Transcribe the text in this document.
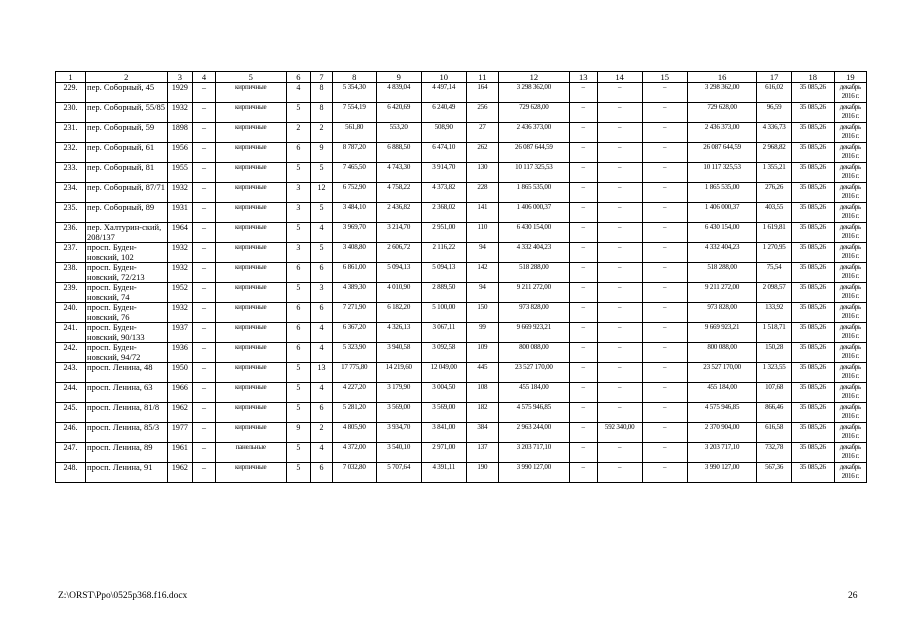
1	2	3	4	5	6	7	8	9	10	11	12	13	14	15	16	17	18	19
229.	пер. Соборный, 45	1929	–	кирпичные	4	8	5 354,30	4 839,04	4 497,14	164	3 298 362,00	–	–	–	3 298 362,00	616,02	35 085,26	декабрь 2016 г.
230.	пер. Соборный, 55/85	1932	–	кирпичные	5	8	7 554,19	6 420,69	6 240,49	256	729 628,00	–	–	–	729 628,00	96,59	35 085,26	декабрь 2016 г.
231.	пер. Соборный, 59	1898	–	кирпичные	2	2	561,80	553,20	508,90	27	2 436 373,00	–	–	–	2 436 373,00	4 336,73	35 085,26	декабрь 2016 г.
232.	пер. Соборный, 61	1956	–	кирпичные	6	9	8 787,20	6 888,50	6 474,10	262	26 087 644,59	–	–	–	26 087 644,59	2 968,82	35 085,26	декабрь 2016 г.
233.	пер. Соборный, 81	1955	–	кирпичные	5	5	7 465,50	4 743,30	3 914,70	130	10 117 325,53	–	–	–	10 117 325,53	1 355,21	35 085,26	декабрь 2016 г.
234.	пер. Соборный, 87/71	1932	–	кирпичные	3	12	6 752,90	4 758,22	4 373,82	228	1 865 535,00	–	–	–	1 865 535,00	276,26	35 085,26	декабрь 2016 г.
235.	пер. Соборный, 89	1931	–	кирпичные	3	5	3 484,10	2 436,82	2 368,02	141	1 406 000,37	–	–	–	1 406 000,37	403,55	35 085,26	декабрь 2016 г.
236.	пер. Халтурин-ский, 208/137	1964	–	кирпичные	5	4	3 969,70	3 214,70	2 951,00	110	6 430 154,00	–	–	–	6 430 154,00	1 619,81	35 085,26	декабрь 2016 г.
237.	просп. Буден-новский, 102	1932	–	кирпичные	3	5	3 408,80	2 606,72	2 116,22	94	4 332 404,23	–	–	–	4 332 404,23	1 270,95	35 085,26	декабрь 2016 г.
238.	просп. Буден-новский, 72/213	1932	–	кирпичные	6	6	6 861,00	5 094,13	5 094,13	142	518 288,00	–	–	–	518 288,00	75,54	35 085,26	декабрь 2016 г.
239.	просп. Буден-новский, 74	1952	–	кирпичные	5	3	4 389,30	4 010,90	2 889,50	94	9 211 272,00	–	–	–	9 211 272,00	2 098,57	35 085,26	декабрь 2016 г.
240.	просп. Буден-новский, 76	1932	–	кирпичные	6	6	7 271,90	6 182,20	5 100,00	150	973 828,00	–	–	–	973 828,00	133,92	35 085,26	декабрь 2016 г.
241.	просп. Буден-новский, 90/133	1937	–	кирпичные	6	4	6 367,20	4 326,13	3 067,11	99	9 669 923,21	–	–	–	9 669 923,21	1 518,71	35 085,26	декабрь 2016 г.
242.	просп. Буден-новский, 94/72	1936	–	кирпичные	6	4	5 323,90	3 940,58	3 092,58	109	800 088,00	–	–	–	800 088,00	150,28	35 085,26	декабрь 2016 г.
243.	просп. Ленина, 48	1950	–	кирпичные	5	13	17 775,80	14 219,60	12 049,00	445	23 527 170,00	–	–	–	23 527 170,00	1 323,55	35 085,26	декабрь 2016 г.
244.	просп. Ленина, 63	1966	–	кирпичные	5	4	4 227,20	3 179,90	3 004,50	108	455 184,00	–	–	–	455 184,00	107,68	35 085,26	декабрь 2016 г.
245.	просп. Ленина, 81/8	1962	–	кирпичные	5	6	5 281,20	3 569,00	3 569,00	182	4 575 946,85	–	–	–	4 575 946,85	866,46	35 085,26	декабрь 2016 г.
246.	просп. Ленина, 85/3	1977	–	кирпичные	9	2	4 805,90	3 934,70	3 841,00	384	2 963 244,00	–	592 340,00	–	2 370 904,00	616,58	35 085,26	декабрь 2016 г.
247.	просп. Ленина, 89	1961	–	панельные	5	4	4 372,00	3 540,10	2 971,00	137	3 203 717,10	–	–	–	3 203 717,10	732,78	35 085,26	декабрь 2016 г.
248.	просп. Ленина, 91	1962	–	кирпичные	5	6	7 032,80	5 707,64	4 391,11	190	3 990 127,00	–	–	–	3 990 127,00	567,36	35 085,26	декабрь 2016 г.
Z:\ORST\Ppo\0525p368.f16.docx	26
